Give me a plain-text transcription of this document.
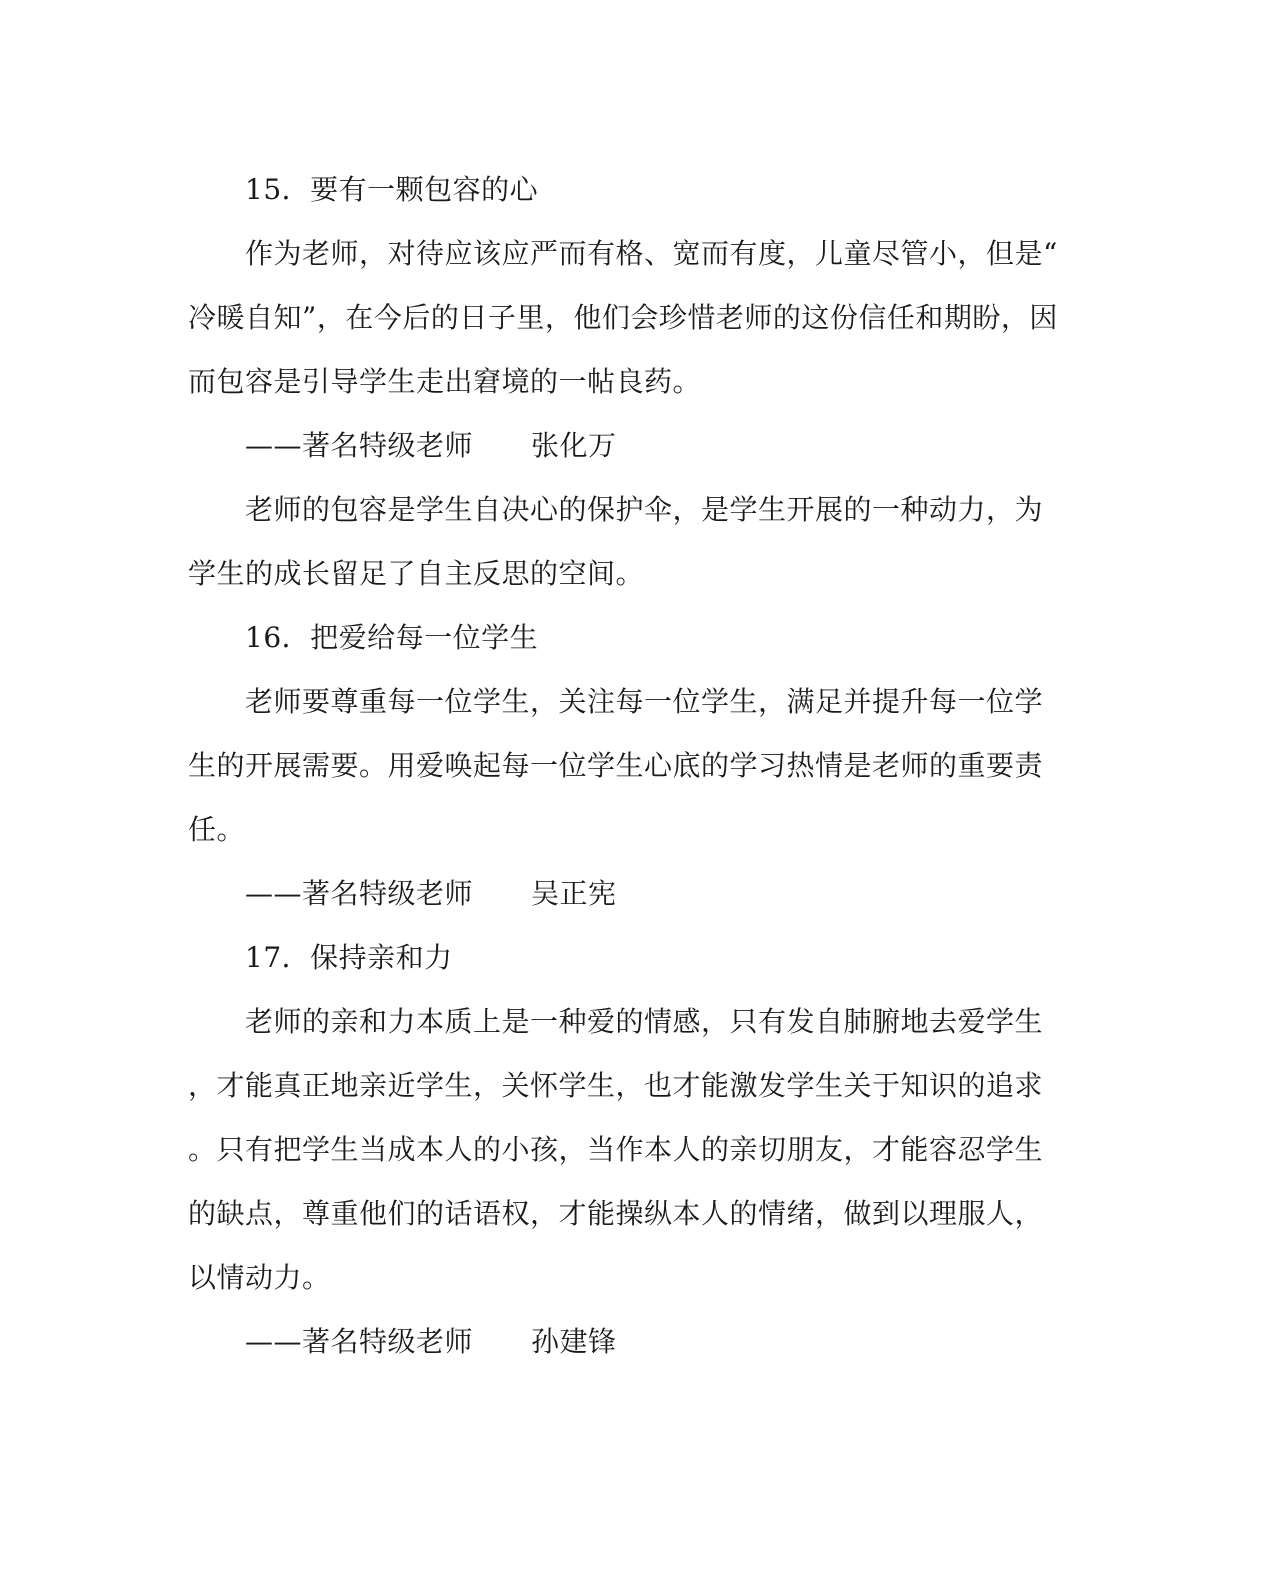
15．要有一颗包容的心
作为老师，对待应该应严而有格、宽而有度，儿童尽管小，但是“
冷暖自知”，在今后的日子里，他们会珍惜老师的这份信任和期盼，因
而包容是引导学生走出窘境的一帖良药。
——著名特级老师 张化万
老师的包容是学生自决心的保护伞，是学生开展的一种动力，为
学生的成长留足了自主反思的空间。
16．把爱给每一位学生
老师要尊重每一位学生，关注每一位学生，满足并提升每一位学
生的开展需要。用爱唤起每一位学生心底的学习热情是老师的重要责
任。
——著名特级老师 吴正宪
17．保持亲和力
老师的亲和力本质上是一种爱的情感，只有发自肺腑地去爱学生
，才能真正地亲近学生，关怀学生，也才能激发学生关于知识的追求
。只有把学生当成本人的小孩，当作本人的亲切朋友，才能容忍学生
的缺点，尊重他们的话语权，才能操纵本人的情绪，做到以理服人，
以情动力。
——著名特级老师 孙建锋
